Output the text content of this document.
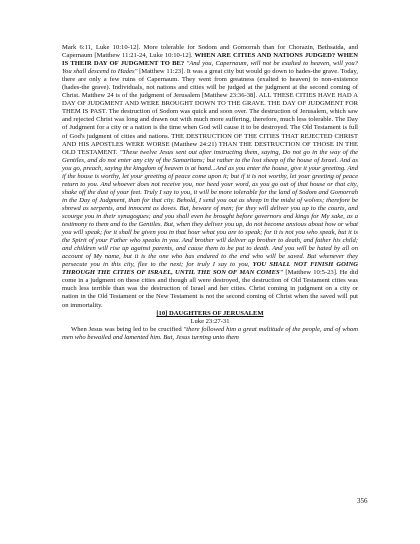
Mark 6:11, Luke 10:10-12]. More tolerable for Sodom and Gomorrah than for Chorazin, Bethsaida, and Capernaum [Matthew 11:21-24, Luke 10:10-12]. WHEN ARE CITIES AND NATIONS JUDGED? WHEN IS THEIR DAY OF JUDGMENT TO BE? "And you, Capernaum, will not be exalted to heaven, will you? You shall descend to Hades" [Matthew 11:23]. It was a great city but would go down to hades-the grave. Today, there are only a few ruins of Capernaum. They went from greatness (exalted to heaven) to non-existence (hades-the grave). Individuals, not nations and cities will be judged at the judgment at the second coming of Christ. Matthew 24 is of the judgment of Jerusalem [Matthew 23:36-38]. ALL THESE CITIES HAVE HAD A DAY OF JUDGMENT AND WERE BROUGHT DOWN TO THE GRAVE. THE DAY OF JUDGMENT FOR THEM IS PAST. The destruction of Sodom was quick and soon over. The destruction of Jerusalem, which saw and rejected Christ was long and drawn out with much more suffering, therefore, much less tolerable. The Day of Judgment for a city or a nation is the time when God will cause it to be destroyed. The Old Testament is full of God's judgment of cities and nations. THE DESTRUCTION OF THE CITIES THAT REJECTED CHRIST AND HIS APOSTLES WERE WORSE (Matthew 24:21) THAN THE DESTRUCTION OF THOSE IN THE OLD TESTAMENT. "These twelve Jesus sent out after instructing them, saying, Do not go in the way of the Gentiles, and do not enter any city of the Samaritans; but rather to the lost sheep of the house of Israel. And as you go, preach, saying the kingdom of heaven is at hand...And as you enter the house, give it your greeting. And if the house is worthy, let your greeting of peace come upon it; but if it is not worthy, let your greeting of peace return to you. And whoever does not receive you, nor heed your word, as you go out of that house or that city, shake off the dust of your feet. Truly I say to you, it will be more tolerable for the land of Sodom and Gomorrah in the Day of Judgment, than for that city. Behold, I send you out as sheep in the midst of wolves; therefore be shrewd as serpents, and innocent as doves. But, beware of men; for they will deliver you up to the courts, and scourge you in their synagogues; and you shall even be brought before governors and kings for My sake, as a testimony to them and to the Gentiles. But, when they deliver you up, do not become anxious about how or what you will speak; for it shall be given you in that hour what you are to speak; for it is not you who speak, but it is the Spirit of your Father who speaks in you. And brother will deliver up brother to death, and father his child; and children will rise up against parents, and cause them to be put to death. And you will be hated by all on account of My name, but it is the one who has endured to the end who will be saved. But whenever they persecute you in this city, flee to the next; for truly I say to you, YOU SHALL NOT FINISH GOING THROUGH THE CITIES OF ISRAEL, UNTIL THE SON OF MAN COMES" [Matthew 10:5-23]. He did come in a judgment on these cities and though all were destroyed, the destruction of Old Testament cities was much less terrible than was the destruction of Israel and her cities. Christ coming in judgment on a city or nation in the Old Testament or the New Testament is not the second coming of Christ when the saved will put on immortality.

[10] DAUGHTERS OF JERUSALEM

Luke 23:27-31

When Jesus was being led to be crucified "there followed him a great multitude of the people, and of whom men who bewailed and lamented him. But, Jesus turning unto them

356
